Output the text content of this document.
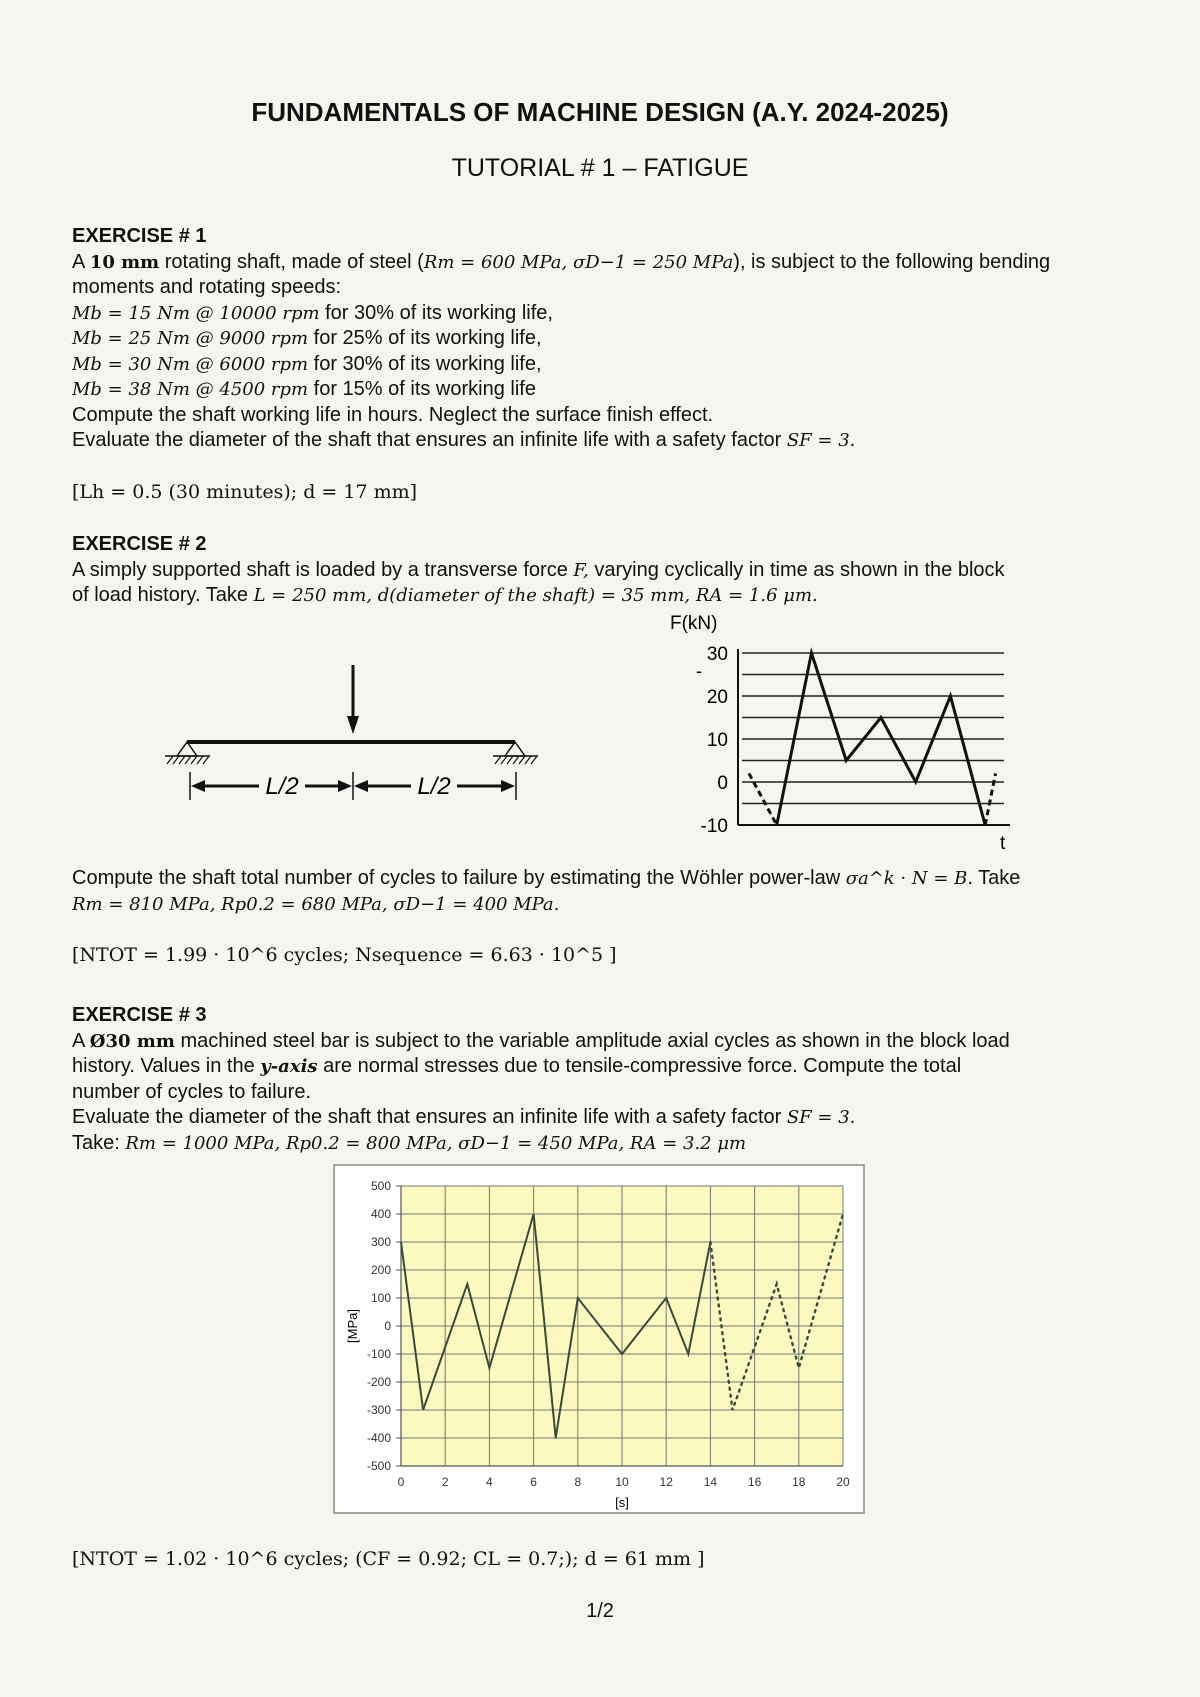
FUNDAMENTALS OF MACHINE DESIGN (A.Y. 2024-2025)
TUTORIAL # 1 – FATIGUE
EXERCISE # 1
A 10 mm rotating shaft, made of steel (Rm = 600 MPa, σD−1 = 250 MPa), is subject to the following bending moments and rotating speeds:
Mb = 15 Nm @ 10000 rpm for 30% of its working life,
Mb = 25 Nm @ 9000 rpm for 25% of its working life,
Mb = 30 Nm @ 6000 rpm for 30% of its working life,
Mb = 38 Nm @ 4500 rpm for 15% of its working life
Compute the shaft working life in hours. Neglect the surface finish effect.
Evaluate the diameter of the shaft that ensures an infinite life with a safety factor SF = 3.
[Lh = 0.5 (30 minutes); d = 17 mm]
EXERCISE # 2
A simply supported shaft is loaded by a transverse force F, varying cyclically in time as shown in the block
of load history. Take L = 250 mm, d(diameter of the shaft) = 35 mm, RA = 1.6 μm.
L/2	L/2
F(kN)
-
t
30
20
10
0
-10
Compute the shaft total number of cycles to failure by estimating the Wöhler power-law σa^k · N = B. Take
Rm = 810 MPa, Rp0.2 = 680 MPa, σD−1 = 400 MPa.
[NTOT = 1.99 · 10^6 cycles; Nsequence = 6.63 · 10^5 ]
EXERCISE # 3
A Ø30 mm machined steel bar is subject to the variable amplitude axial cycles as shown in the block load
history. Values in the y-axis are normal stresses due to tensile-compressive force. Compute the total
number of cycles to failure.
Evaluate the diameter of the shaft that ensures an infinite life with a safety factor SF = 3.
Take: Rm = 1000 MPa, Rp0.2 = 800 MPa, σD−1 = 450 MPa, RA = 3.2 μm
0	2	4	6	8	10	12	14	16	18	20
500
400
300
200
100
0
-100
-200
-300
-400
-500
[MPa]
[s]
[NTOT = 1.02 · 10^6 cycles; (CF = 0.92; CL = 0.7;); d = 61 mm ]
1/2
